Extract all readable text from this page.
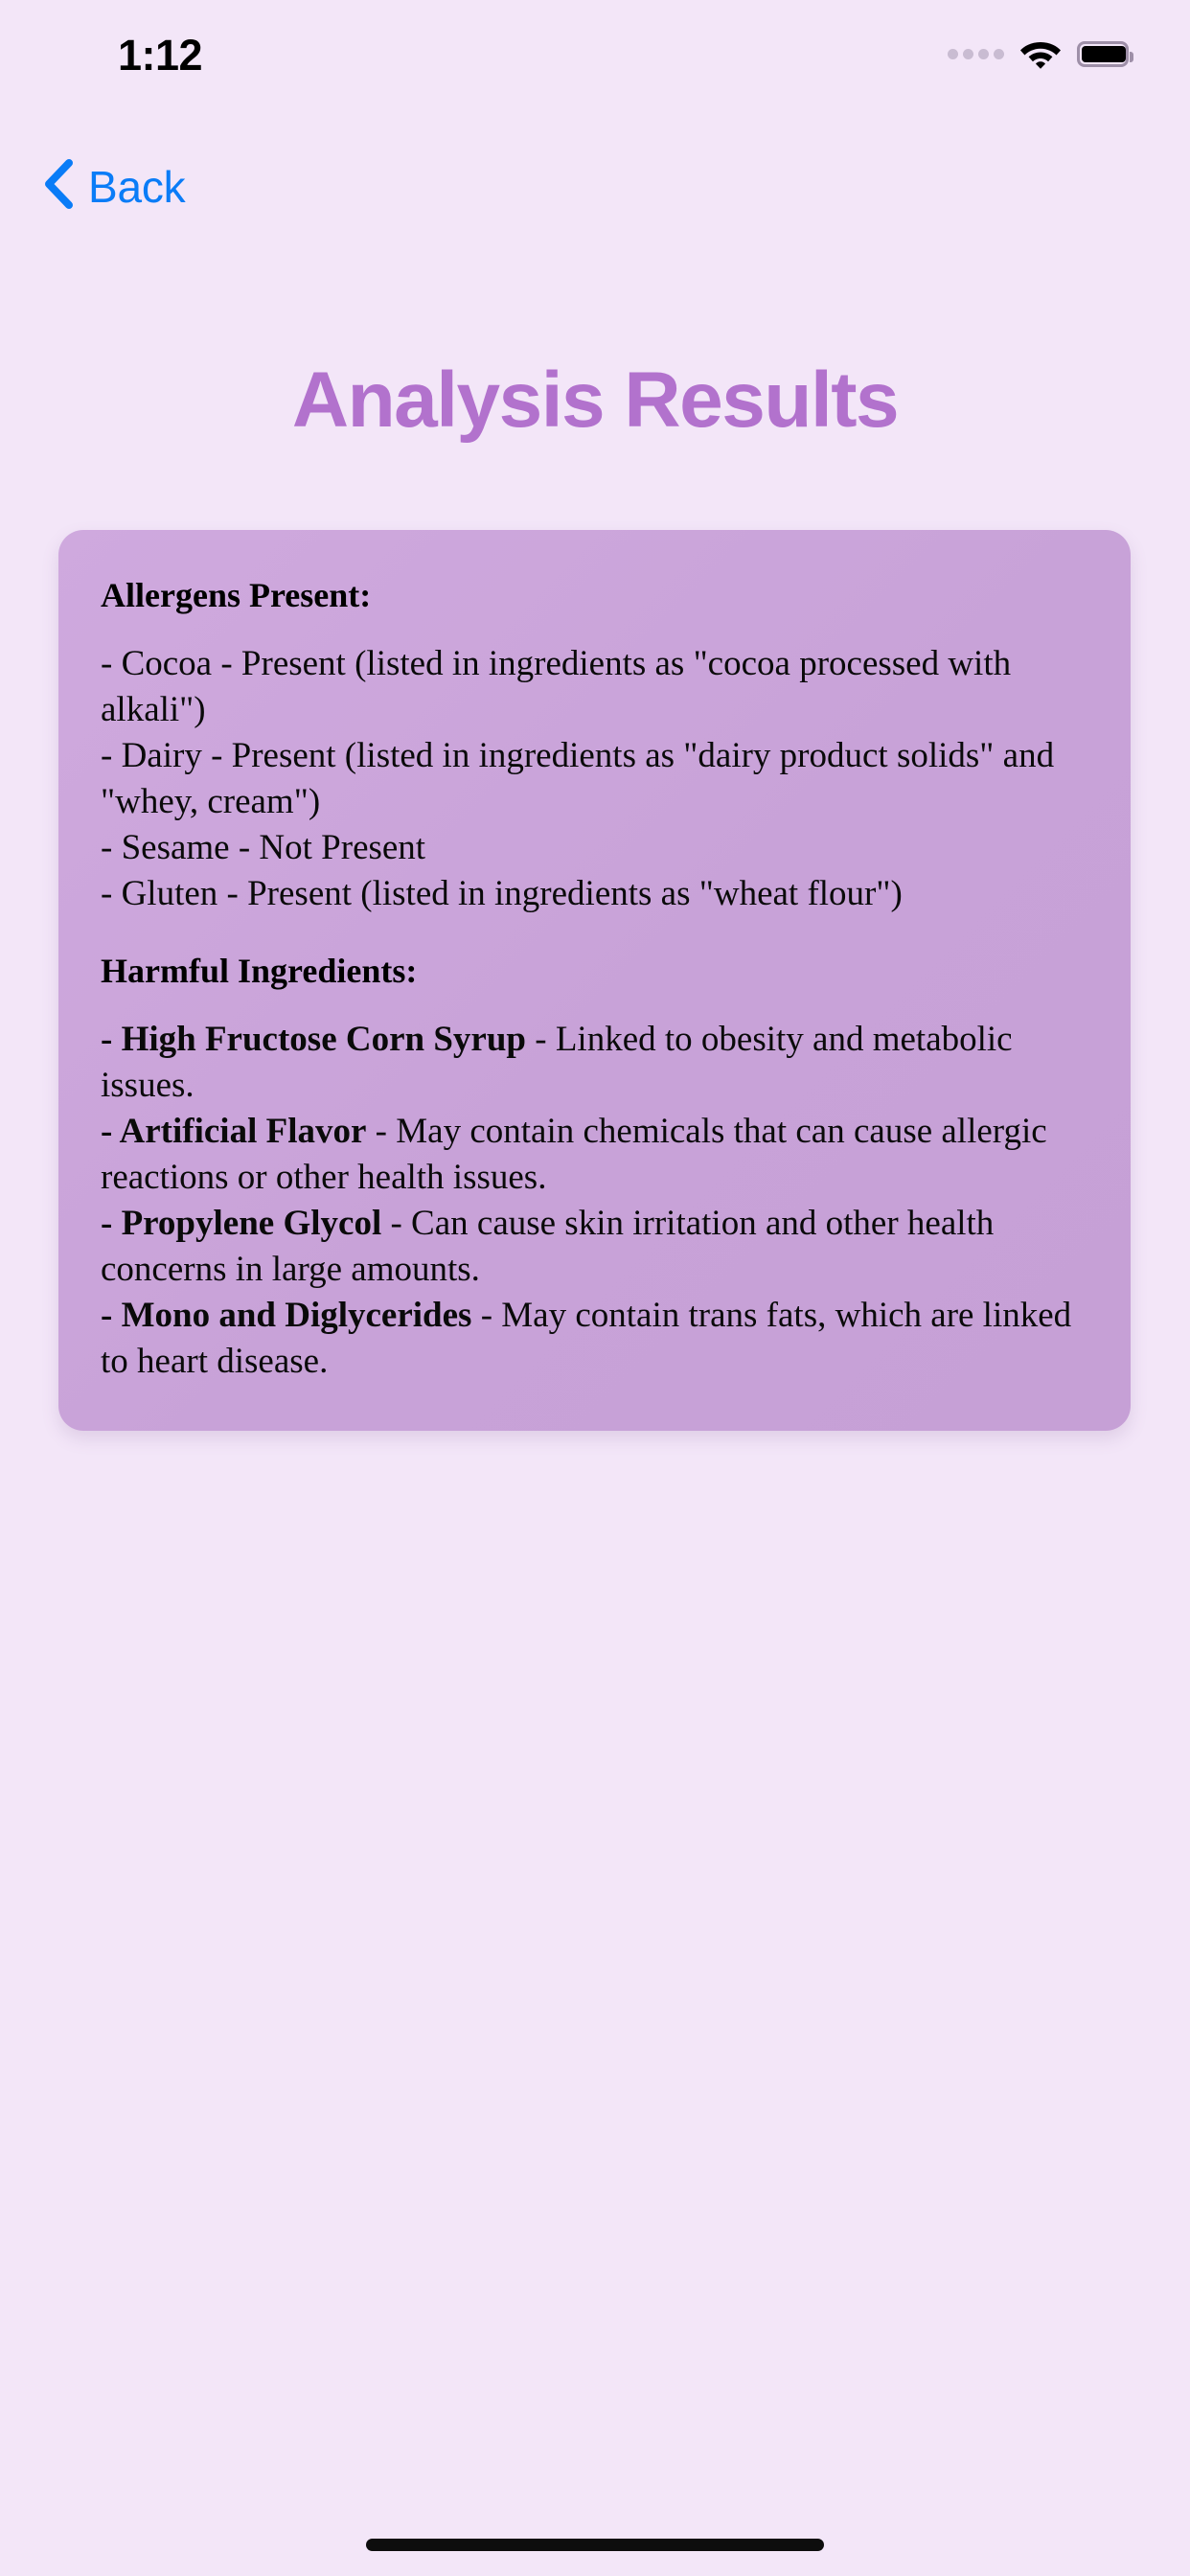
1:12
Back
Analysis Results
Allergens Present:
- Cocoa - Present (listed in ingredients as "cocoa processed with alkali")
- Dairy - Present (listed in ingredients as "dairy product solids" and "whey, cream")
- Sesame - Not Present
- Gluten - Present (listed in ingredients as "wheat flour")
Harmful Ingredients:
- High Fructose Corn Syrup - Linked to obesity and metabolic issues.
- Artificial Flavor - May contain chemicals that can cause allergic reactions or other health issues.
- Propylene Glycol - Can cause skin irritation and other health concerns in large amounts.
- Mono and Diglycerides - May contain trans fats, which are linked to heart disease.
